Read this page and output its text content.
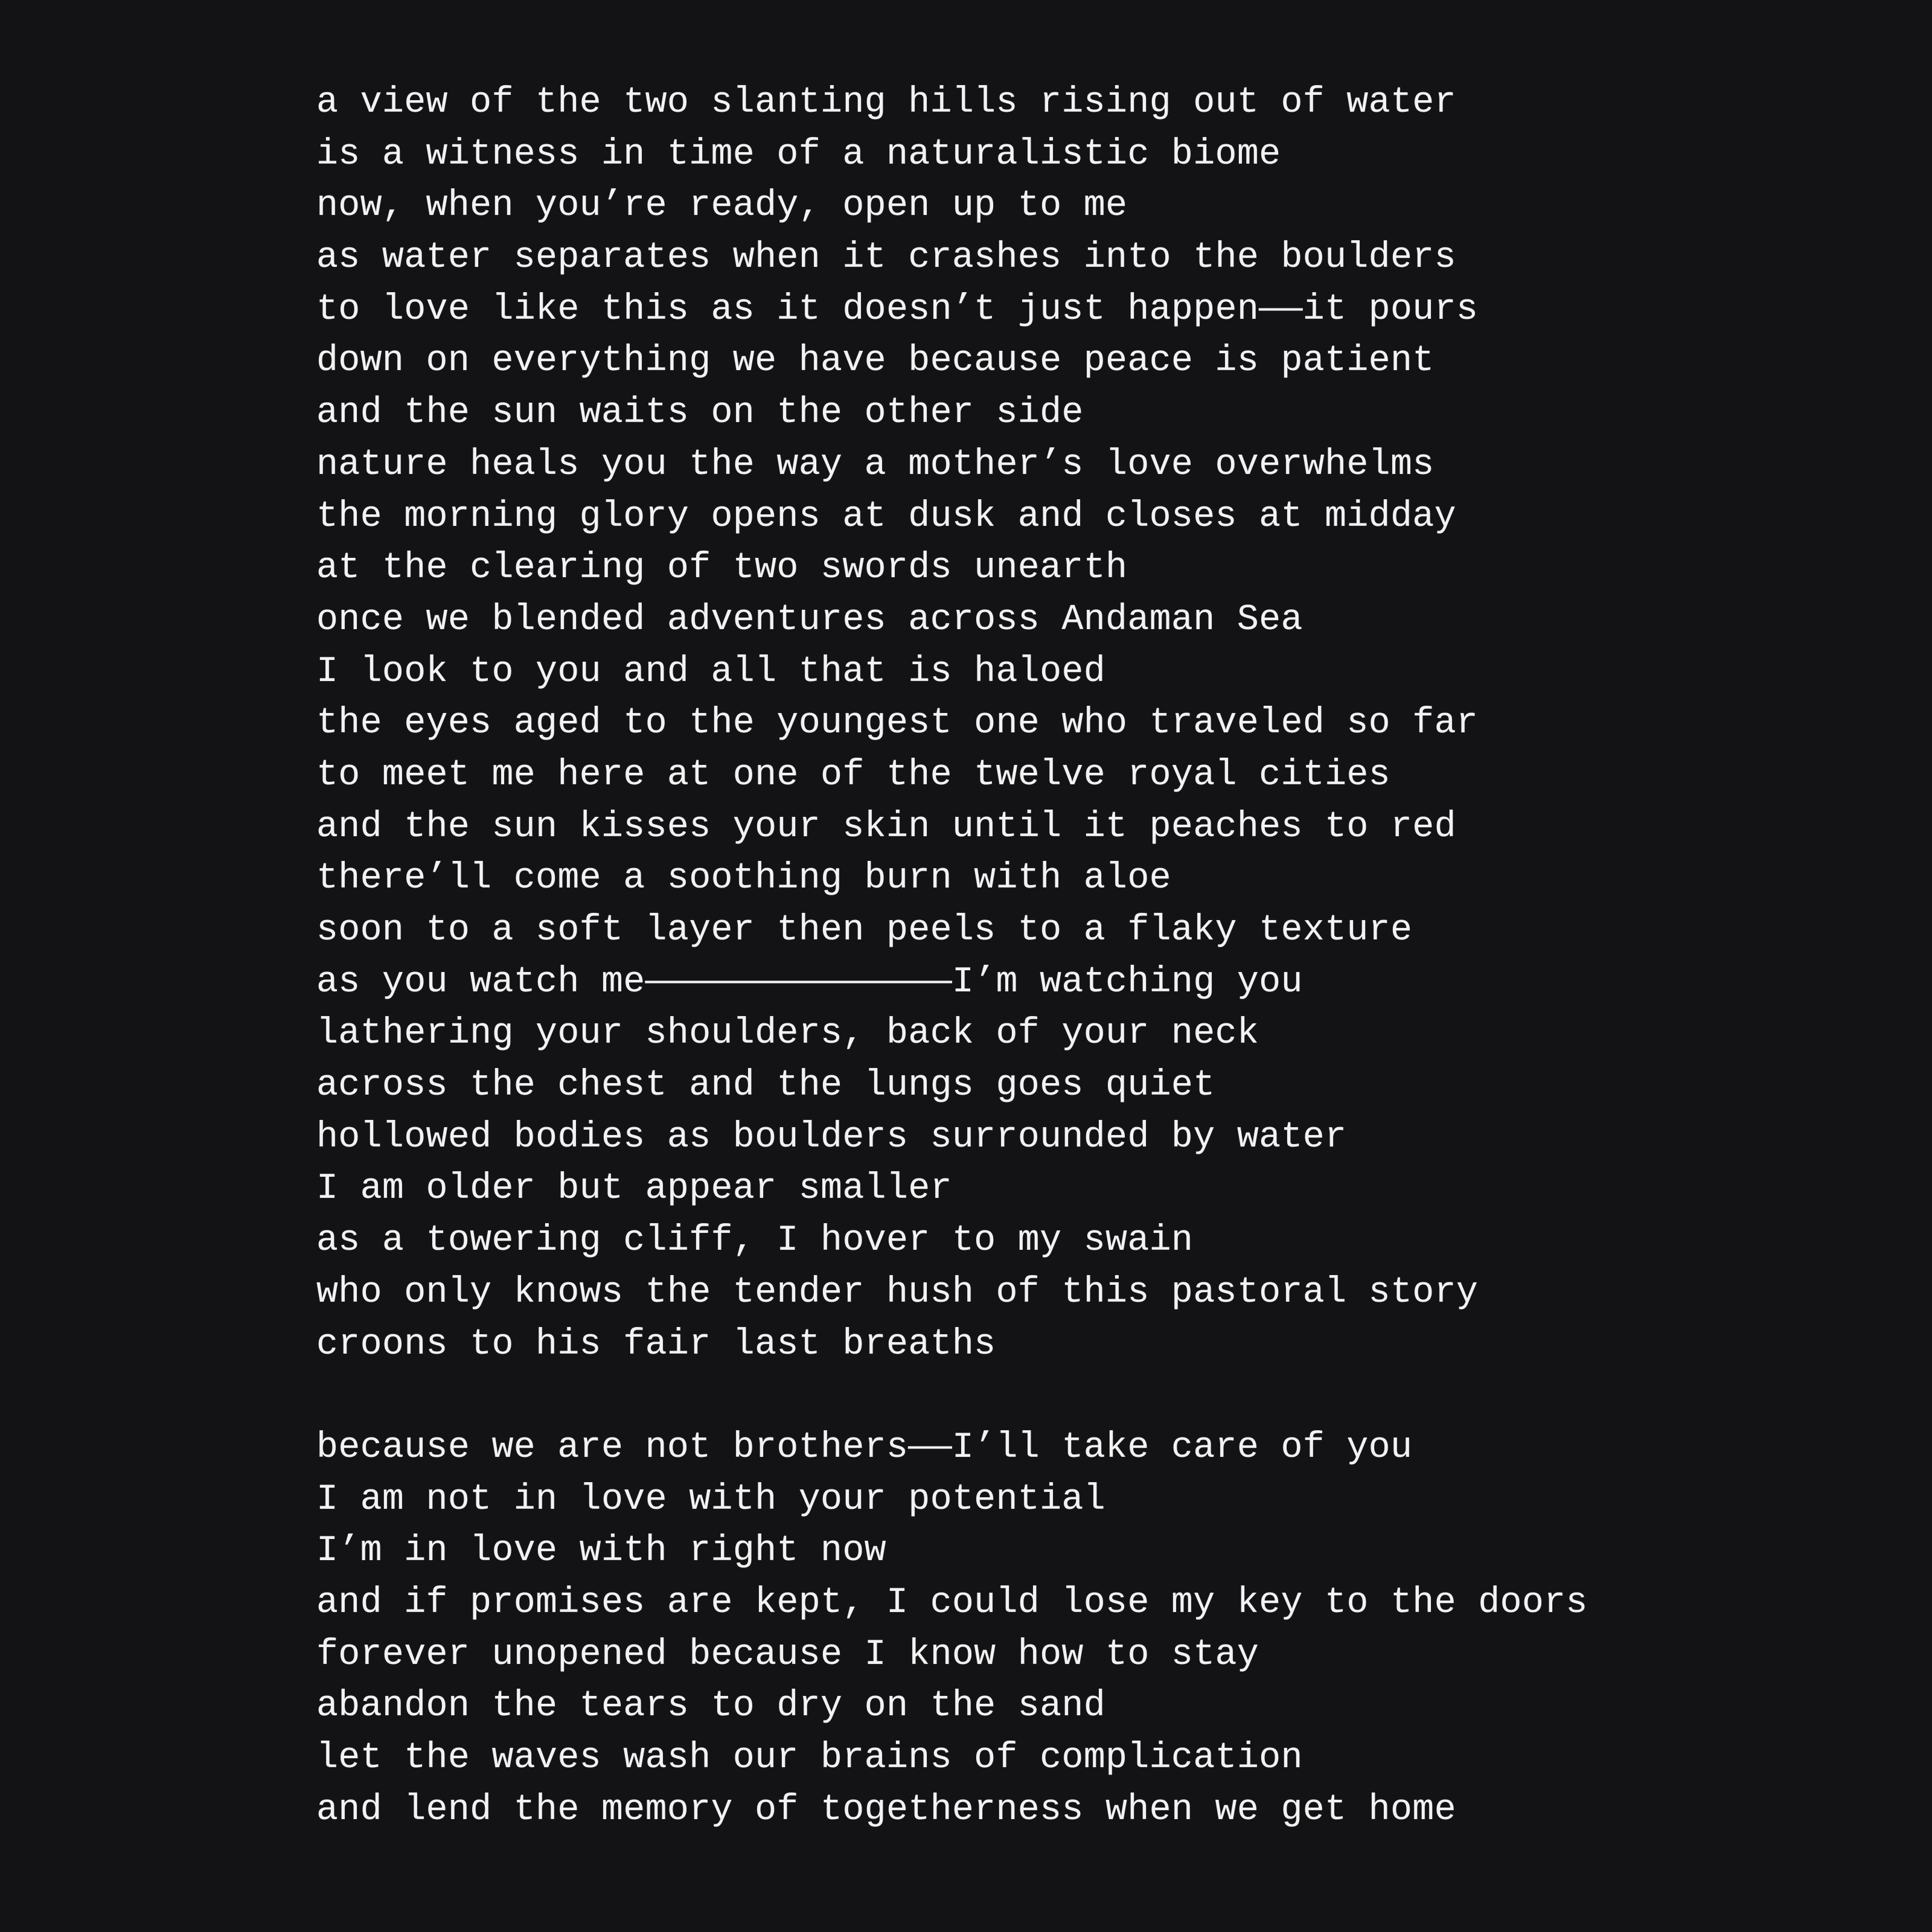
a view of the two slanting hills rising out of water
is a witness in time of a naturalistic biome
now, when you’re ready, open up to me
as water separates when it crashes into the boulders
to love like this as it doesn’t just happen——it pours
down on everything we have because peace is patient
and the sun waits on the other side
nature heals you the way a mother’s love overwhelms
the morning glory opens at dusk and closes at midday
at the clearing of two swords unearth
once we blended adventures across Andaman Sea
I look to you and all that is haloed
the eyes aged to the youngest one who traveled so far
to meet me here at one of the twelve royal cities
and the sun kisses your skin until it peaches to red
there’ll come a soothing burn with aloe
soon to a soft layer then peels to a flaky texture
as you watch me——————————————I’m watching you
lathering your shoulders, back of your neck
across the chest and the lungs goes quiet
hollowed bodies as boulders surrounded by water
I am older but appear smaller
as a towering cliff, I hover to my swain
who only knows the tender hush of this pastoral story
croons to his fair last breaths
because we are not brothers——I’ll take care of you
I am not in love with your potential
I’m in love with right now
and if promises are kept, I could lose my key to the doors
forever unopened because I know how to stay
abandon the tears to dry on the sand
let the waves wash our brains of complication
and lend the memory of togetherness when we get home
